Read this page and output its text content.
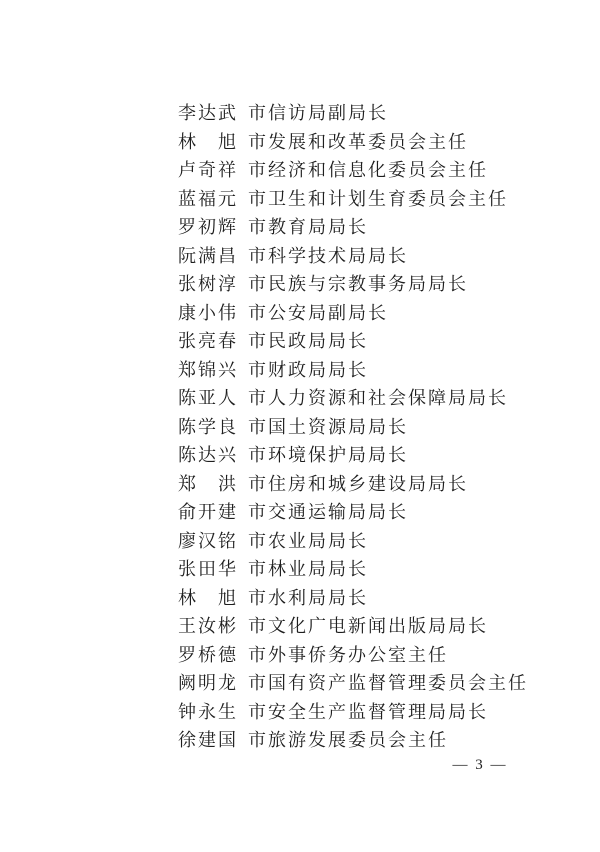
李达武 市信访局副局长
林旭 市发展和改革委员会主任
卢奇祥 市经济和信息化委员会主任
蓝福元 市卫生和计划生育委员会主任
罗初辉 市教育局局长
阮满昌 市科学技术局局长
张树淳 市民族与宗教事务局局长
康小伟 市公安局副局长
张亮春 市民政局局长
郑锦兴 市财政局局长
陈亚人 市人力资源和社会保障局局长
陈学良 市国土资源局局长
陈达兴 市环境保护局局长
郑洪 市住房和城乡建设局局长
俞开建 市交通运输局局长
廖汉铭 市农业局局长
张田华 市林业局局长
林旭 市水利局局长
王汝彬 市文化广电新闻出版局局长
罗桥德 市外事侨务办公室主任
阙明龙 市国有资产监督管理委员会主任
钟永生 市安全生产监督管理局局长
徐建国 市旅游发展委员会主任
— 3 —
